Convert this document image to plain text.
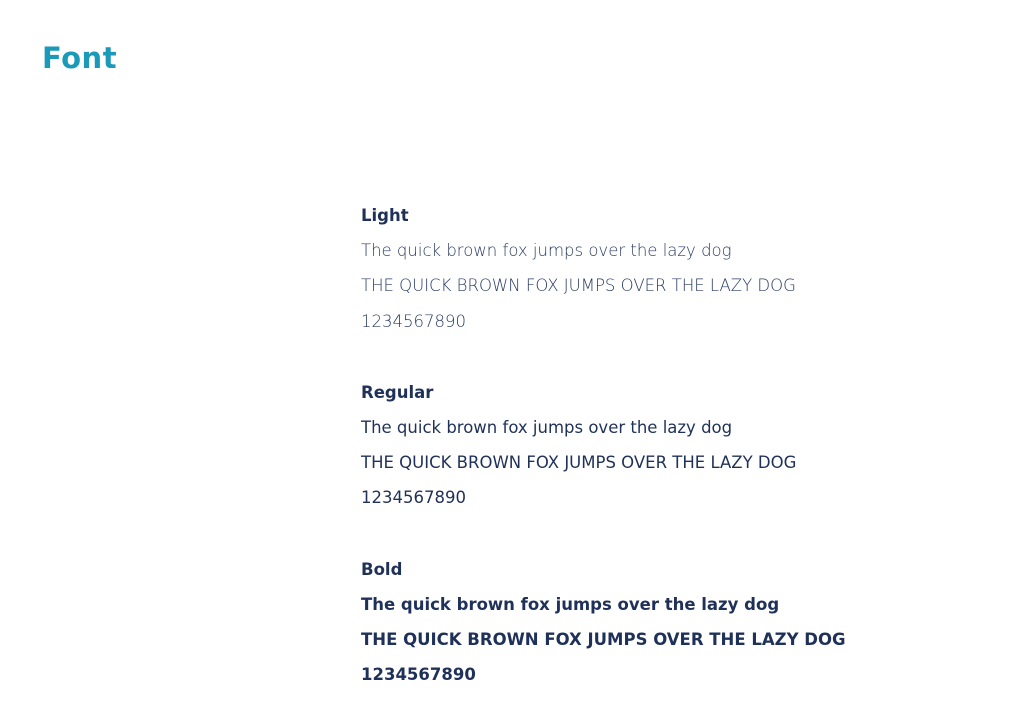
Font
Light
The quick brown fox jumps over the lazy dog
THE QUICK BROWN FOX JUMPS OVER THE LAZY DOG
1234567890
Regular
The quick brown fox jumps over the lazy dog
THE QUICK BROWN FOX JUMPS OVER THE LAZY DOG
1234567890
Bold
The quick brown fox jumps over the lazy dog
THE QUICK BROWN FOX JUMPS OVER THE LAZY DOG
1234567890
